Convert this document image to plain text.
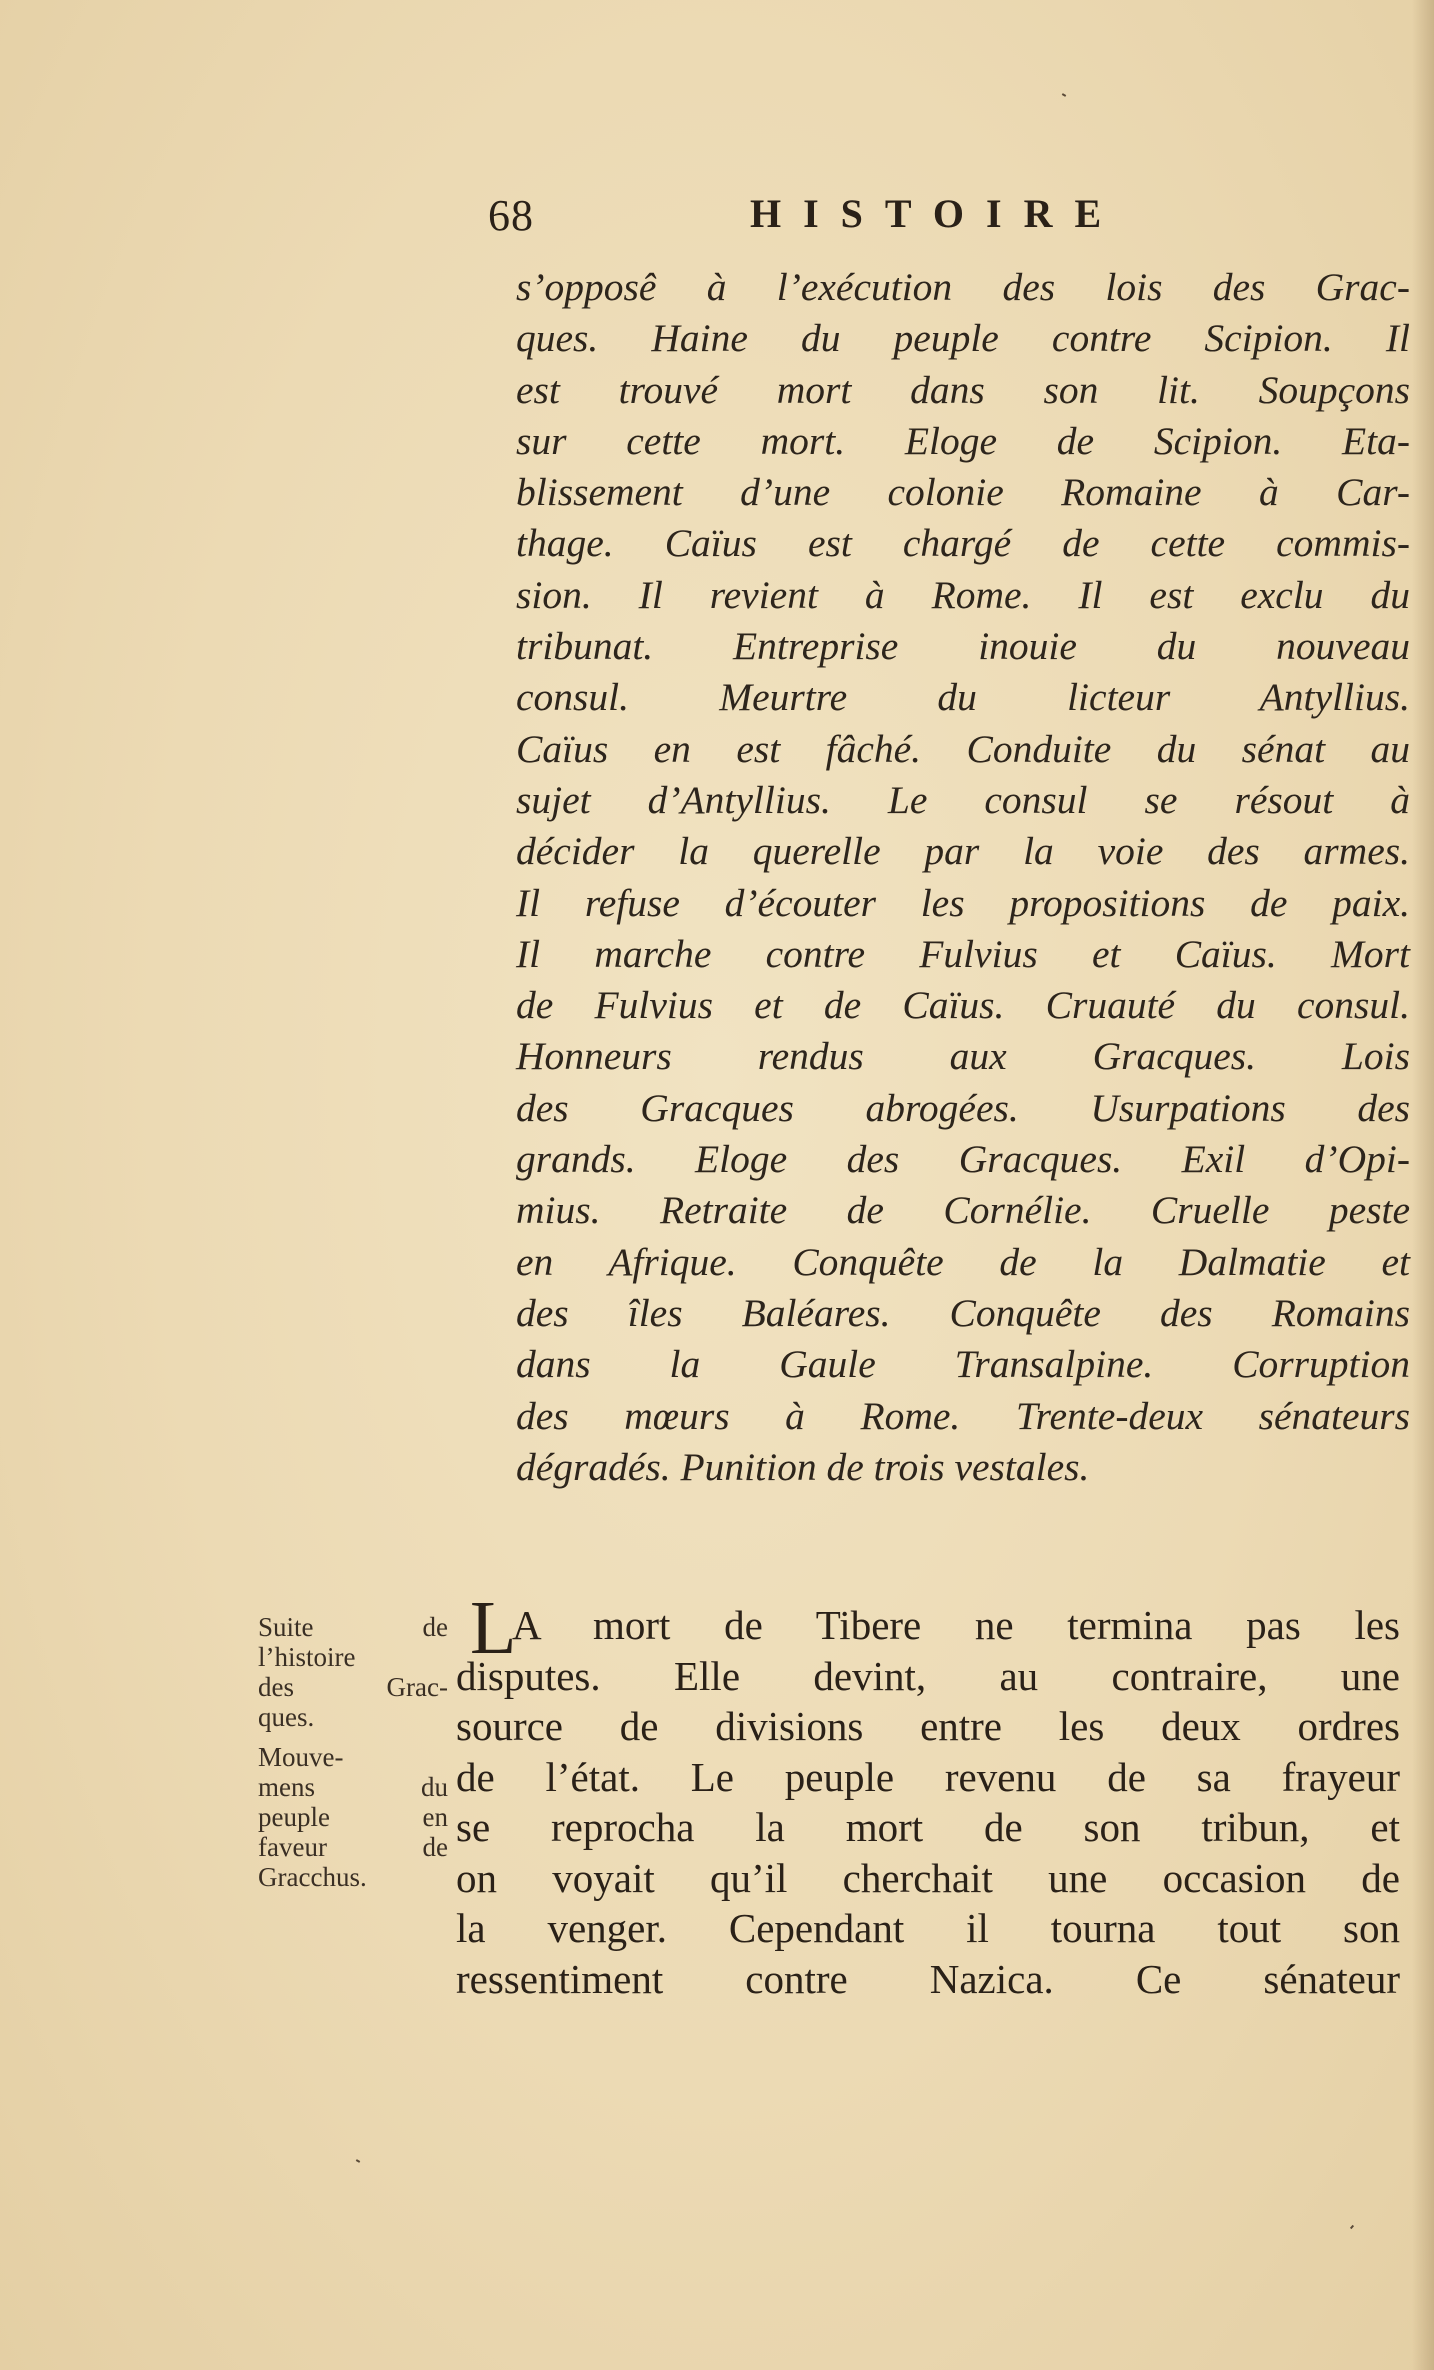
68	HISTOIRE
s’opposê à l’exécution des lois des Grac-
ques. Haine du peuple contre Scipion. Il
est trouvé mort dans son lit. Soupçons
sur cette mort. Eloge de Scipion. Eta-
blissement d’une colonie Romaine à Car-
thage. Caïus est chargé de cette commis-
sion. Il revient à Rome. Il est exclu du
tribunat. Entreprise inouie du nouveau
consul. Meurtre du licteur Antyllius.
Caïus en est fâché. Conduite du sénat au
sujet d’Antyllius. Le consul se résout à
décider la querelle par la voie des armes.
Il refuse d’écouter les propositions de paix.
Il marche contre Fulvius et Caïus. Mort
de Fulvius et de Caïus. Cruauté du consul.
Honneurs rendus aux Gracques. Lois
des Gracques abrogées. Usurpations des
grands. Eloge des Gracques. Exil d’Opi-
mius. Retraite de Cornélie. Cruelle peste
en Afrique. Conquête de la Dalmatie et
des îles Baléares. Conquête des Romains
dans la Gaule Transalpine. Corruption
des mœurs à Rome. Trente-deux sénateurs
dégradés. Punition de trois vestales.
Suite de
l’histoire
des Grac-
ques.
Mouve-
mens du
peuple en
faveur de
Gracchus.
L
A mort de Tibere ne termina pas les
disputes. Elle devint, au contraire, une
source de divisions entre les deux ordres
de l’état. Le peuple revenu de sa frayeur
se reprocha la mort de son tribun, et
on voyait qu’il cherchait une occasion de
la venger. Cependant il tourna tout son
ressentiment contre Nazica. Ce sénateur
